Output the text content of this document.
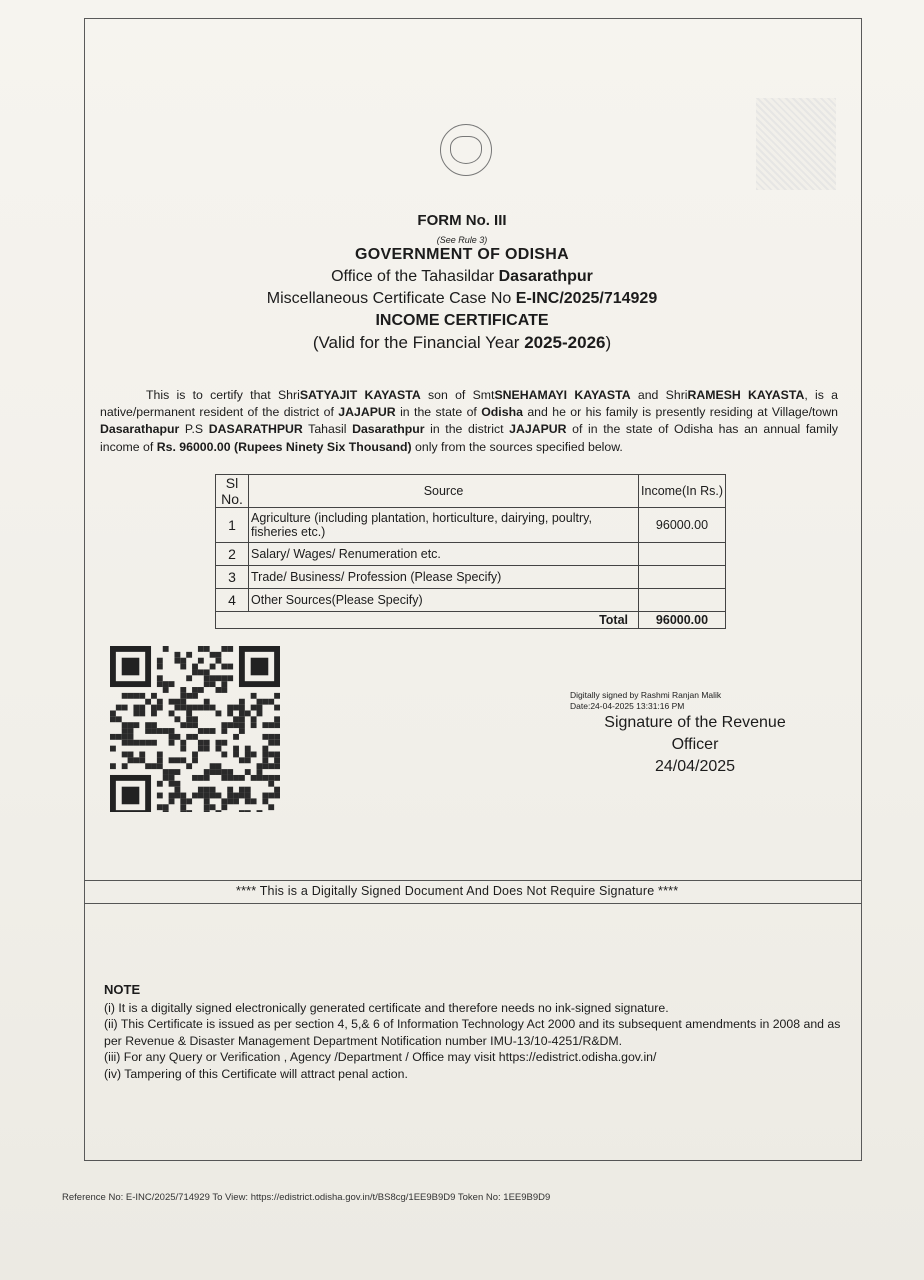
FORM No. III
(See Rule 3)
GOVERNMENT OF ODISHA
Office of the Tahasildar Dasarathpur
Miscellaneous Certificate Case No E-INC/2025/714929
INCOME CERTIFICATE
(Valid for the Financial Year 2025-2026)
This is to certify that ShriSATYAJIT KAYASTA son of SmtSNEHAMAYI KAYASTA and ShriRAMESH KAYASTA, is a native/permanent resident of the district of JAJAPUR in the state of Odisha and he or his family is presently residing at Village/town Dasarathapur P.S DASARATHPUR Tahasil Dasarathpur in the district JAJAPUR of in the state of Odisha has an annual family income of Rs. 96000.00 (Rupees Ninety Six Thousand) only from the sources specified below.
Sl No.	Source	Income(In Rs.)
1	Agriculture (including plantation, horticulture, dairying, poultry, fisheries etc.)	96000.00
2	Salary/ Wages/ Renumeration etc.	
3	Trade/ Business/ Profession (Please Specify)	
4	Other Sources(Please Specify)	
Total		96000.00
Digitally signed by Rashmi Ranjan Malik
Date:24-04-2025 13:31:16 PM
Signature of the Revenue
Officer
24/04/2025
**** This is a Digitally Signed Document And Does Not Require Signature ****
NOTE
(i) It is a digitally signed electronically generated certificate and therefore needs no ink-signed signature.
(ii) This Certificate is issued as per section 4, 5,& 6 of Information Technology Act 2000 and its subsequent amendments in 2008 and as per Revenue & Disaster Management Department Notification number IMU-13/10-4251/R&DM.
(iii) For any Query or Verification , Agency /Department / Office may visit https://edistrict.odisha.gov.in/
(iv) Tampering of this Certificate will attract penal action.
Reference No: E-INC/2025/714929 To View: https://edistrict.odisha.gov.in/t/BS8cg/1EE9B9D9 Token No: 1EE9B9D9
